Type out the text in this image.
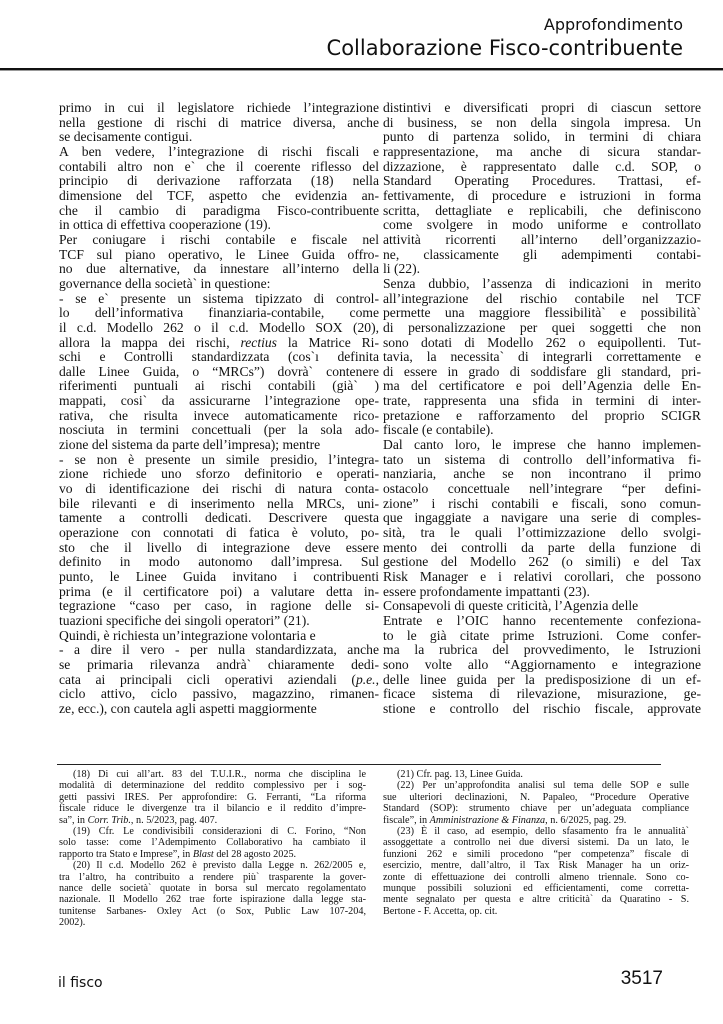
Approfondimento
Collaborazione Fisco-contribuente

primo in cui il legislatore richiede l’integrazione
nella gestione di rischi di matrice diversa, anche
se decisamente contigui.

A ben vedere, l’integrazione di rischi fiscali e
contabili altro non e` che il coerente riflesso del
principio di derivazione rafforzata (18) nella
dimensione del TCF, aspetto che evidenzia an-
che il cambio di paradigma Fisco-contribuente
in ottica di effettiva cooperazione (19).

Per coniugare i rischi contabile e fiscale nel
TCF sul piano operativo, le Linee Guida offro-
no due alternative, da innestare all’interno della
governance della società` in questione:

- se e` presente un sistema tipizzato di control-
lo dell’informativa finanziaria-contabile, come
il c.d. Modello 262 o il c.d. Modello SOX (20),
allora la mappa dei rischi, rectius la Matrice Ri-
schi e Controlli standardizzata (cos`ı definita
dalle Linee Guida, o “MRCs”) dovrà` contenere
riferimenti puntuali ai rischi contabili (già` )
mappati, cosi` da assicurarne l’integrazione ope-
rativa, che risulta invece automaticamente rico-
nosciuta in termini concettuali (per la sola ado-
zione del sistema da parte dell’impresa); mentre

- se non è presente un simile presidio, l’integra-
zione richiede uno sforzo definitorio e operati-
vo di identificazione dei rischi di natura conta-
bile rilevanti e di inserimento nella MRCs, uni-
tamente a controlli dedicati. Descrivere questa
operazione con connotati di fatica è voluto, po-
sto che il livello di integrazione deve essere
definito in modo autonomo dall’impresa. Sul
punto, le Linee Guida invitano i contribuenti
prima (e il certificatore poi) a valutare detta in-
tegrazione “caso per caso, in ragione delle si-
tuazioni specifiche dei singoli operatori” (21).

Quindi, è richiesta un’integrazione volontaria e

- a dire il vero - per nulla standardizzata, anche
se primaria rilevanza andrà` chiaramente dedi-
cata ai principali cicli operativi aziendali (p.e.,
ciclo attivo, ciclo passivo, magazzino, rimanen-
ze, ecc.), con cautela agli aspetti maggiormente

distintivi e diversificati propri di ciascun settore
di business, se non della singola impresa. Un
punto di partenza solido, in termini di chiara
rappresentazione, ma anche di sicura standar-
dizzazione, è rappresentato dalle c.d. SOP, o
Standard Operating Procedures. Trattasi, ef-
fettivamente, di procedure e istruzioni in forma
scritta, dettagliate e replicabili, che definiscono
come svolgere in modo uniforme e controllato
attività ricorrenti all’interno dell’organizzazio-
ne, classicamente gli adempimenti contabi-
li (22).

Senza dubbio, l’assenza di indicazioni in merito
all’integrazione del rischio contabile nel TCF
permette una maggiore flessibilità` e possibilità`
di personalizzazione per quei soggetti che non
sono dotati di Modello 262 o equipollenti. Tut-
tavia, la necessita` di integrarli correttamente e
di essere in grado di soddisfare gli standard, pri-
ma del certificatore e poi dell’Agenzia delle En-
trate, rappresenta una sfida in termini di inter-
pretazione e rafforzamento del proprio SCIGR
fiscale (e contabile).

Dal canto loro, le imprese che hanno implemen-
tato un sistema di controllo dell’informativa fi-
nanziaria, anche se non incontrano il primo
ostacolo concettuale nell’integrare “per defini-
zione” i rischi contabili e fiscali, sono comun-
que ingaggiate a navigare una serie di comples-
sità, tra le quali l’ottimizzazione dello svolgi-
mento dei controlli da parte della funzione di
gestione del Modello 262 (o simili) e del Tax
Risk Manager e i relativi corollari, che possono
essere profondamente impattanti (23).

Consapevoli di queste criticità, l’Agenzia delle

Entrate e l’OIC hanno recentemente confeziona-
to le già citate prime Istruzioni. Come confer-
ma la rubrica del provvedimento, le Istruzioni
sono volte allo “Aggiornamento e integrazione
delle linee guida per la predisposizione di un ef-
ficace sistema di rilevazione, misurazione, ge-
stione e controllo del rischio fiscale, approvate

(18) Di cui all’art. 83 del T.U.I.R., norma che disciplina le
modalità di determinazione del reddito complessivo per i sog-
getti passivi IRES. Per approfondire: G. Ferranti, “La riforma
fiscale riduce le divergenze tra il bilancio e il reddito d’impre-
sa”, in Corr. Trib., n. 5/2023, pag. 407.

(19) Cfr. Le condivisibili considerazioni di C. Forino, “Non
solo tasse: come l’Adempimento Collaborativo ha cambiato il
rapporto tra Stato e Imprese”, in Blast del 28 agosto 2025.

(20) Il c.d. Modello 262 è previsto dalla Legge n. 262/2005 e,
tra l’altro, ha contribuito a rendere più` trasparente la gover-
nance delle società` quotate in borsa sul mercato regolamentato
nazionale. Il Modello 262 trae forte ispirazione dalla legge sta-
tunitense Sarbanes- Oxley Act (o Sox, Public Law 107-204,
2002).

(21) Cfr. pag. 13, Linee Guida.

(22) Per un’approfondita analisi sul tema delle SOP e sulle
sue ulteriori declinazioni, N. Papaleo, “Procedure Operative
Standard (SOP): strumento chiave per un’adeguata compliance
fiscale”, in Amministrazione & Finanza, n. 6/2025, pag. 29.

(23) È il caso, ad esempio, dello sfasamento fra le annualità`
assoggettate a controllo nei due diversi sistemi. Da un lato, le
funzioni 262 e simili procedono “per competenza” fiscale di
esercizio, mentre, dall’altro, il Tax Risk Manager ha un oriz-
zonte di effettuazione dei controlli almeno triennale. Sono co-
munque possibili soluzioni ed efficientamenti, come corretta-
mente segnalato per questa e altre criticità` da Quaratino - S.
Bertone - F. Accetta, op. cit.

il fisco	3517
